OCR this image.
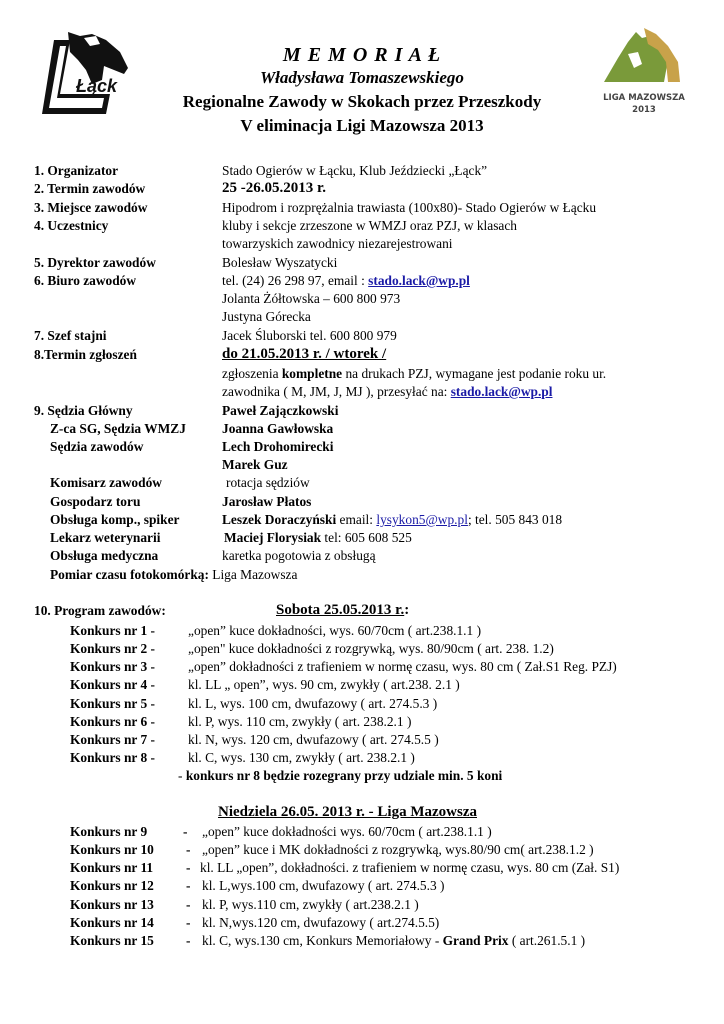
Łąck
LIGA MAZOWSZA
2013
M E M O R I A Ł
Władysława Tomaszewskiego
Regionalne Zawody w Skokach przez Przeszkody
V eliminacja Ligi Mazowsza 2013
1. Organizator	Stado Ogierów w Łącku, Klub Jeździecki „Łąck”
2. Termin zawodów	25 -26.05.2013 r.
3. Miejsce zawodów	Hipodrom i rozprężalnia trawiasta (100x80)- Stado Ogierów w Łącku
4. Uczestnicy	kluby i sekcje zrzeszone w WMZJ oraz PZJ, w klasach
towarzyskich zawodnicy niezarejestrowani
5. Dyrektor zawodów	Bolesław Wyszatycki
6. Biuro zawodów	tel. (24) 26 298 97, email : stado.lack@wp.pl
Jolanta Żółtowska – 600 800 973
Justyna Górecka
7. Szef stajni	Jacek Śluborski tel. 600 800 979
8.Termin zgłoszeń	do 21.05.2013 r. / wtorek /
zgłoszenia kompletne na drukach PZJ, wymagane jest podanie roku ur.
zawodnika ( M, JM, J, MJ ), przesyłać na: stado.lack@wp.pl
9. Sędzia Główny	Paweł Zajączkowski
Z-ca SG, Sędzia WMZJ	Joanna Gawłowska
Sędzia zawodów	Lech Drohomirecki
Marek Guz
Komisarz zawodów	rotacja sędziów
Gospodarz toru	Jarosław Płatos
Obsługa komp., spiker	Leszek Doraczyński email: lysykon5@wp.pl; tel. 505 843 018
Lekarz weterynarii	Maciej Florysiak tel: 605 608 525
Obsługa medyczna	karetka pogotowia z obsługą
Pomiar czasu fotokomórką: Liga Mazowsza
10. Program zawodów:	Sobota 25.05.2013 r.:
Konkurs nr 1 - „open” kuce dokładności, wys. 60/70cm ( art.238.1.1 )
Konkurs nr 2 - „open" kuce dokładności z rozgrywką, wys. 80/90cm ( art. 238. 1.2)
Konkurs nr 3 - „open” dokładności z trafieniem w normę czasu, wys. 80 cm ( Zał.S1 Reg. PZJ)
Konkurs nr 4 - kl. LL „ open”, wys. 90 cm, zwykły ( art.238. 2.1 )
Konkurs nr 5 - kl. L, wys. 100 cm, dwufazowy ( art. 274.5.3 )
Konkurs nr 6 - kl. P, wys. 110 cm, zwykły ( art. 238.2.1 )
Konkurs nr 7 - kl. N, wys. 120 cm, dwufazowy ( art. 274.5.5 )
Konkurs nr 8 - kl. C, wys. 130 cm, zwykły ( art. 238.2.1 )
- konkurs nr 8 będzie rozegrany przy udziale min. 5 koni
Niedziela 26.05. 2013 r. - Liga Mazowsza
Konkurs nr 9	- „open” kuce dokładności wys. 60/70cm ( art.238.1.1 )
Konkurs nr 10 - „open” kuce i MK dokładności z rozgrywką, wys.80/90 cm( art.238.1.2 )
Konkurs nr 11 - kl. LL „open”, dokładności. z trafieniem w normę czasu, wys. 80 cm (Zał. S1)
Konkurs nr 12 - kl. L,wys.100 cm, dwufazowy ( art. 274.5.3 )
Konkurs nr 13 - kl. P, wys.110 cm, zwykły ( art.238.2.1 )
Konkurs nr 14 - kl. N,wys.120 cm, dwufazowy ( art.274.5.5)
Konkurs nr 15 - kl. C, wys.130 cm, Konkurs Memoriałowy - Grand Prix ( art.261.5.1 )
